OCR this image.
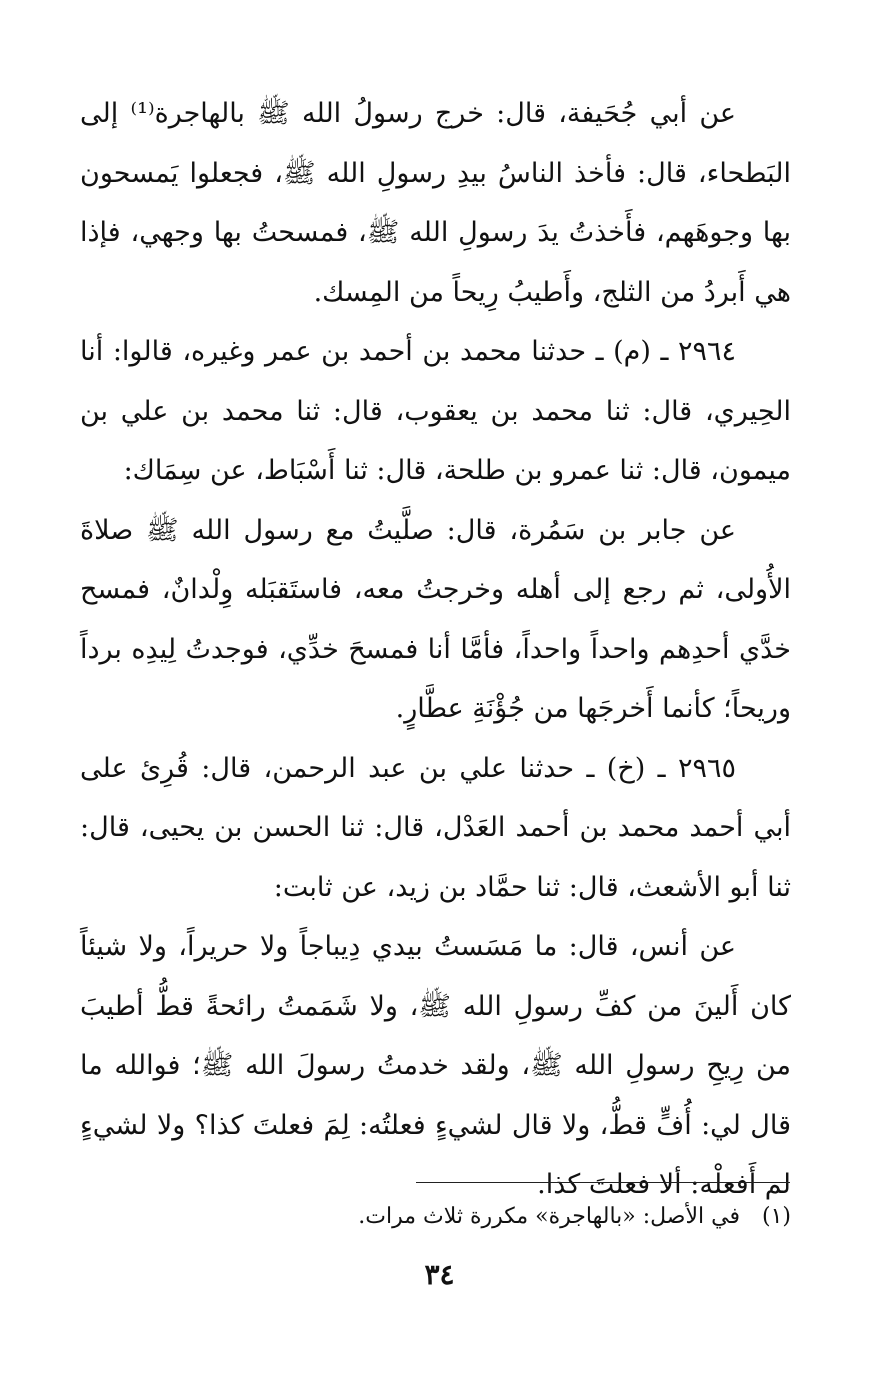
عن أبي جُحَيفة، قال: خرج رسولُ الله ﷺ بالهاجرة⁽¹⁾ إلى البَطحاء، قال: فأخذ الناسُ بيدِ رسولِ الله ﷺ، فجعلوا يَمسحون بها وجوهَهم، فأَخذتُ يدَ رسولِ الله ﷺ، فمسحتُ بها وجهي، فإذا هي أَبردُ من الثلج، وأَطيبُ رِيحاً من المِسك.

٢٩٦٤ ـ (م) ـ حدثنا محمد بن أحمد بن عمر وغيره، قالوا: أنا الحِيري، قال: ثنا محمد بن يعقوب، قال: ثنا محمد بن علي بن ميمون، قال: ثنا عمرو بن طلحة، قال: ثنا أَسْبَاط، عن سِمَاك:

عن جابر بن سَمُرة، قال: صلَّيتُ مع رسول الله ﷺ صلاةَ الأُولى، ثم رجع إلى أهله وخرجتُ معه، فاستَقبَله وِلْدانٌ، فمسح خدَّي أحدِهم واحداً واحداً، فأمَّا أنا فمسحَ خدِّي، فوجدتُ لِيدِه برداً وريحاً؛ كأنما أَخرجَها من جُؤْنَةِ عطَّارٍ.

٢٩٦٥ ـ (خ) ـ حدثنا علي بن عبد الرحمن، قال: قُرِئ على أبي أحمد محمد بن أحمد العَدْل، قال: ثنا الحسن بن يحيى، قال: ثنا أبو الأشعث، قال: ثنا حمَّاد بن زيد، عن ثابت:

عن أنس، قال: ما مَسَستُ بيدي دِيباجاً ولا حريراً، ولا شيئاً كان أَلينَ من كفِّ رسولِ الله ﷺ، ولا شَمَمتُ رائحةً قطُّ أطيبَ من رِيحِ رسولِ الله ﷺ، ولقد خدمتُ رسولَ الله ﷺ؛ فوالله ما قال لي: أُفٍّ قطُّ، ولا قال لشيءٍ فعلتُه: لِمَ فعلتَ كذا؟ ولا لشيءٍ لم أَفعلْه: ألا فعلتَ كذا.

(١)في الأصل: «بالهاجرة» مكررة ثلاث مرات.
٣٤
